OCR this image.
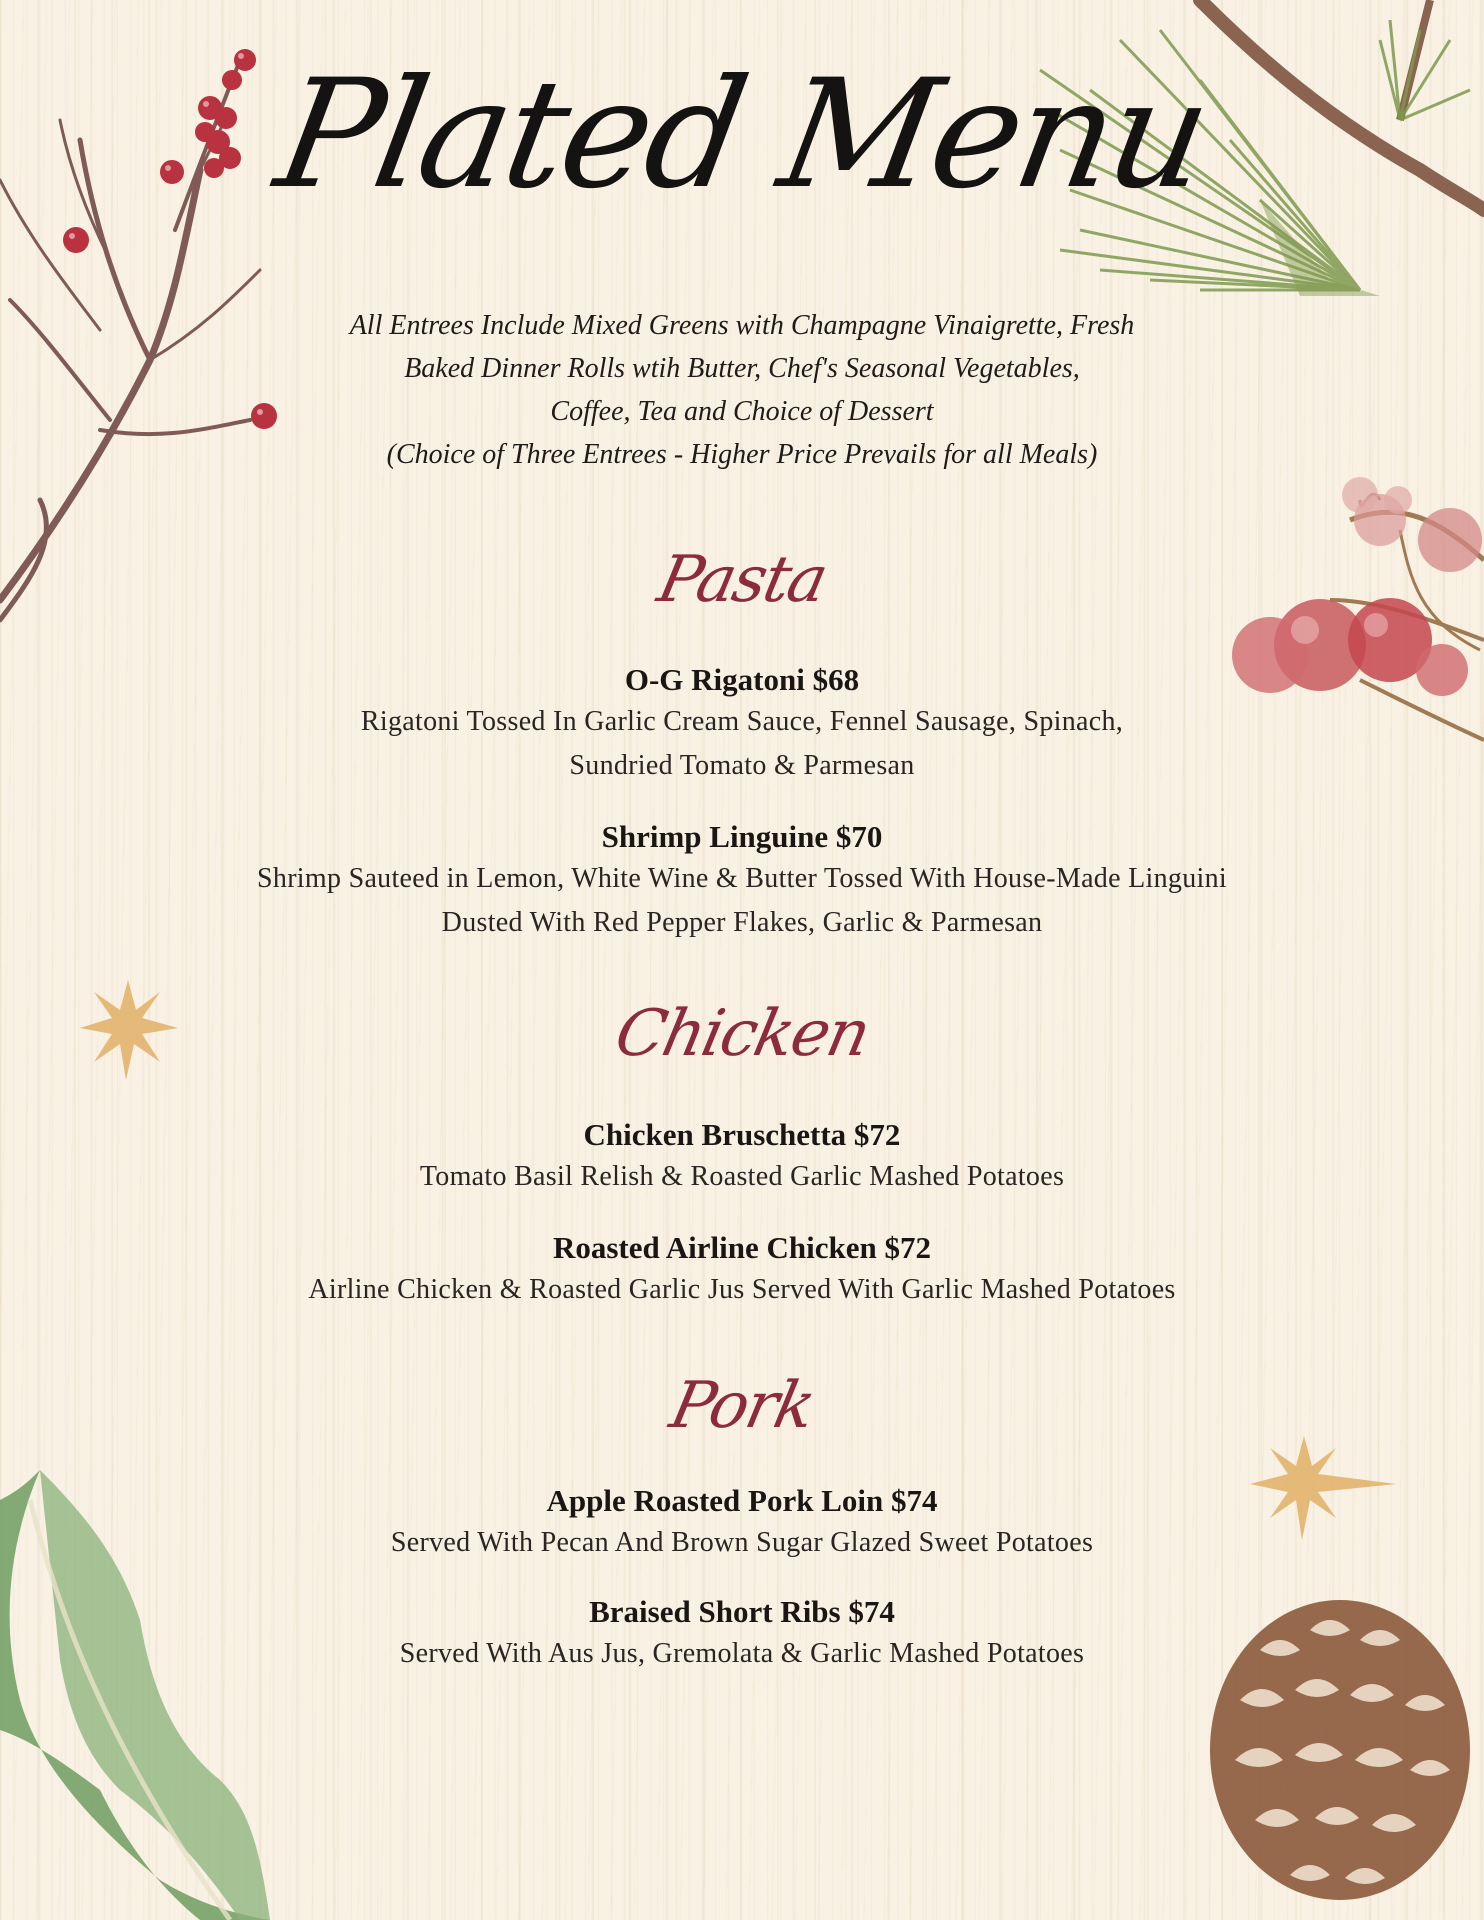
Plated Menu
All Entrees Include Mixed Greens with Champagne Vinaigrette, Fresh
Baked Dinner Rolls wtih Butter, Chef's Seasonal Vegetables,
Coffee, Tea and Choice of Dessert
(Choice of Three Entrees - Higher Price Prevails for all Meals)
Pasta
O-G Rigatoni $68
Rigatoni Tossed In Garlic Cream Sauce, Fennel Sausage, Spinach,
Sundried Tomato & Parmesan
Shrimp Linguine $70
Shrimp Sauteed in Lemon, White Wine & Butter Tossed With House-Made Linguini
Dusted With Red Pepper Flakes, Garlic & Parmesan
Chicken
Chicken Bruschetta $72
Tomato Basil Relish & Roasted Garlic Mashed Potatoes
Roasted Airline Chicken $72
Airline Chicken & Roasted Garlic Jus Served With Garlic Mashed Potatoes
Pork
Apple Roasted Pork Loin $74
Served With Pecan And Brown Sugar Glazed Sweet Potatoes
Braised Short Ribs $74
Served With Aus Jus, Gremolata & Garlic Mashed Potatoes
